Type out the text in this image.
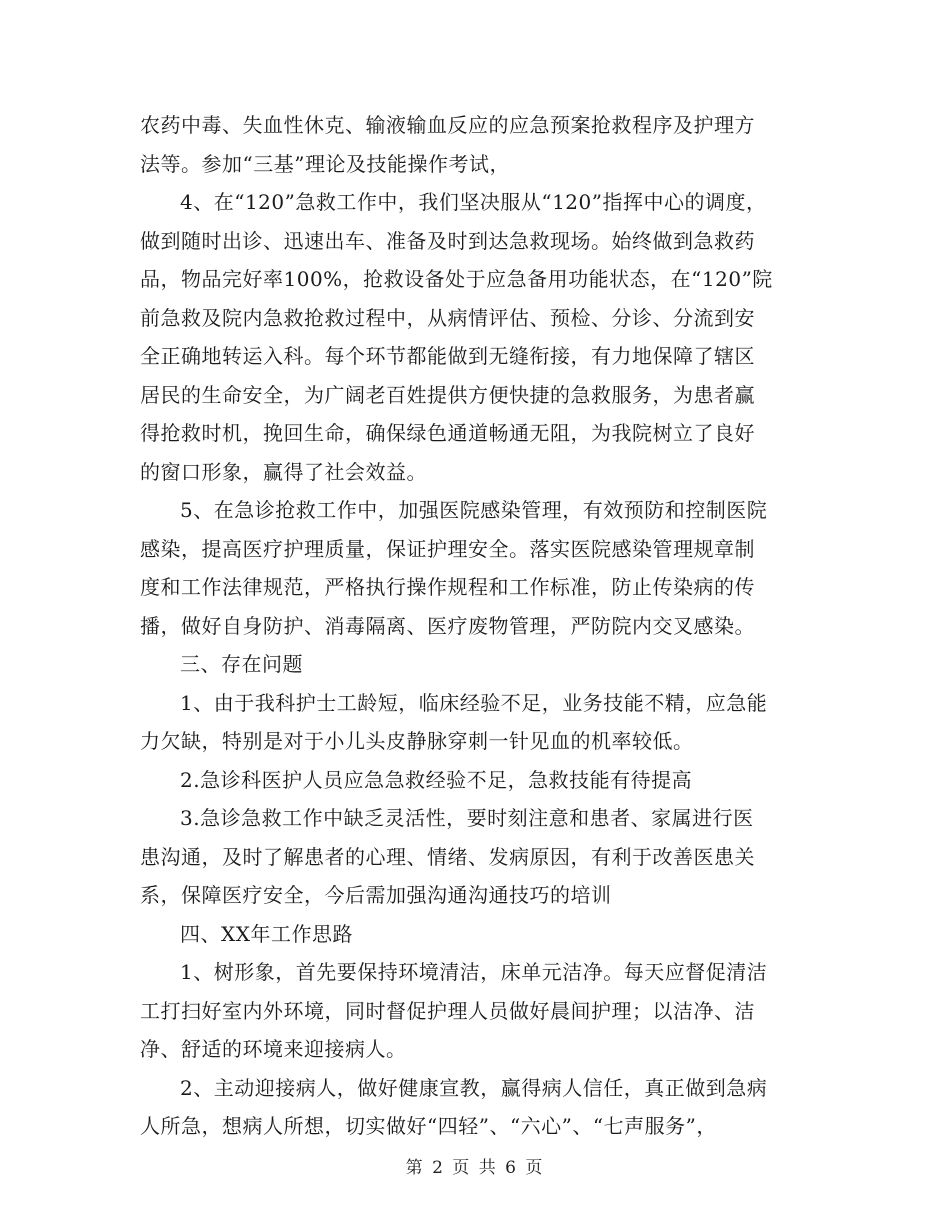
农药中毒、失血性休克、输液输血反应的应急预案抢救程序及护理方
法等。参加“三基”理论及技能操作考试，
4、在“120”急救工作中，我们坚决服从“120”指挥中心的调度，
做到随时出诊、迅速出车、准备及时到达急救现场。始终做到急救药
品，物品完好率100%，抢救设备处于应急备用功能状态，在“120”院
前急救及院内急救抢救过程中，从病情评估、预检、分诊、分流到安
全正确地转运入科。每个环节都能做到无缝衔接，有力地保障了辖区
居民的生命安全，为广阔老百姓提供方便快捷的急救服务，为患者赢
得抢救时机，挽回生命，确保绿色通道畅通无阻，为我院树立了良好
的窗口形象，赢得了社会效益。
5、在急诊抢救工作中，加强医院感染管理，有效预防和控制医院
感染，提高医疗护理质量，保证护理安全。落实医院感染管理规章制
度和工作法律规范，严格执行操作规程和工作标准，防止传染病的传
播，做好自身防护、消毒隔离、医疗废物管理，严防院内交叉感染。
三、存在问题
1、由于我科护士工龄短，临床经验不足，业务技能不精，应急能
力欠缺，特别是对于小儿头皮静脉穿刺一针见血的机率较低。
2.急诊科医护人员应急急救经验不足，急救技能有待提高
3.急诊急救工作中缺乏灵活性，要时刻注意和患者、家属进行医
患沟通，及时了解患者的心理、情绪、发病原因，有利于改善医患关
系，保障医疗安全，今后需加强沟通沟通技巧的培训
四、XX年工作思路
1、树形象，首先要保持环境清洁，床单元洁净。每天应督促清洁
工打扫好室内外环境，同时督促护理人员做好晨间护理；以洁净、洁
净、舒适的环境来迎接病人。
2、主动迎接病人，做好健康宣教，赢得病人信任，真正做到急病
人所急，想病人所想，切实做好“四轻”、“六心”、“七声服务”，
第 2 页 共 6 页
